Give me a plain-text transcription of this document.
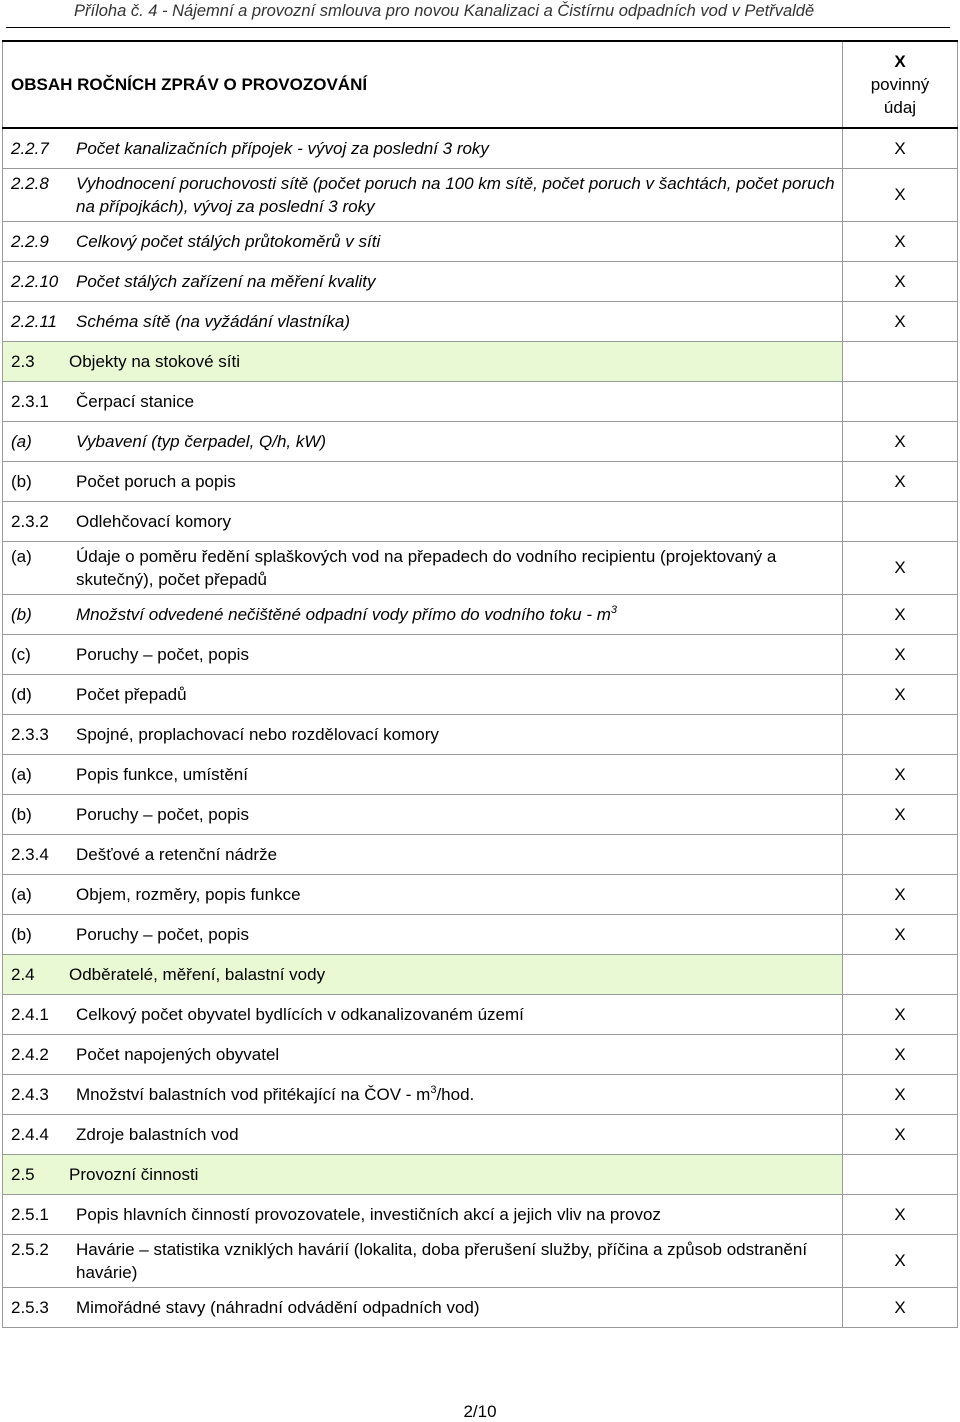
Příloha č. 4 - Nájemní a provozní smlouva pro novou Kanalizaci a Čistírnu odpadních vod v Petřvaldě
OBSAH ROČNÍCH ZPRÁV O PROVOZOVÁNÍ	X
povinný
údaj

2.2.7 Počet kanalizačních přípojek - vývoj za poslední 3 roky	X

2.2.8 Vyhodnocení poruchovosti sítě (počet poruch na 100 km sítě, počet poruch v šachtách, počet poruch na přípojkách), vývoj za poslední 3 roky	X

2.2.9 Celkový počet stálých průtokoměrů v síti	X

2.2.10 Počet stálých zařízení na měření kvality	X

2.2.11 Schéma sítě (na vyžádání vlastníka)	X

2.3 Objekty na stokové síti	

2.3.1 Čerpací stanice	

(a) Vybavení (typ čerpadel, Q/h, kW)	X

(b) Počet poruch a popis	X

2.3.2 Odlehčovací komory	

(a) Údaje o poměru ředění splaškových vod na přepadech do vodního recipientu (projektovaný a skutečný), počet přepadů	X

(b) Množství odvedené nečištěné odpadní vody přímo do vodního toku - $m^3$	X

(c) Poruchy – počet, popis	X

(d) Počet přepadů	X

2.3.3 Spojné, proplachovací nebo rozdělovací komory	

(a) Popis funkce, umístění	X

(b) Poruchy – počet, popis	X

2.3.4 Dešťové a retenční nádrže	

(a) Objem, rozměry, popis funkce	X

(b) Poruchy – počet, popis	X

2.4 Odběratelé, měření, balastní vody	

2.4.1 Celkový počet obyvatel bydlících v odkanalizovaném území	X

2.4.2 Počet napojených obyvatel	X

2.4.3 Množství balastních vod přitékající na ČOV - $m^3$/hod.	X

2.4.4 Zdroje balastních vod	X

2.5 Provozní činnosti	

2.5.1 Popis hlavních činností provozovatele, investičních akcí a jejich vliv na provoz	X

2.5.2 Havárie – statistika vzniklých havárií (lokalita, doba přerušení služby, příčina a způsob odstranění havárie)	X

2.5.3 Mimořádné stavy (náhradní odvádění odpadních vod)	X
2/10
